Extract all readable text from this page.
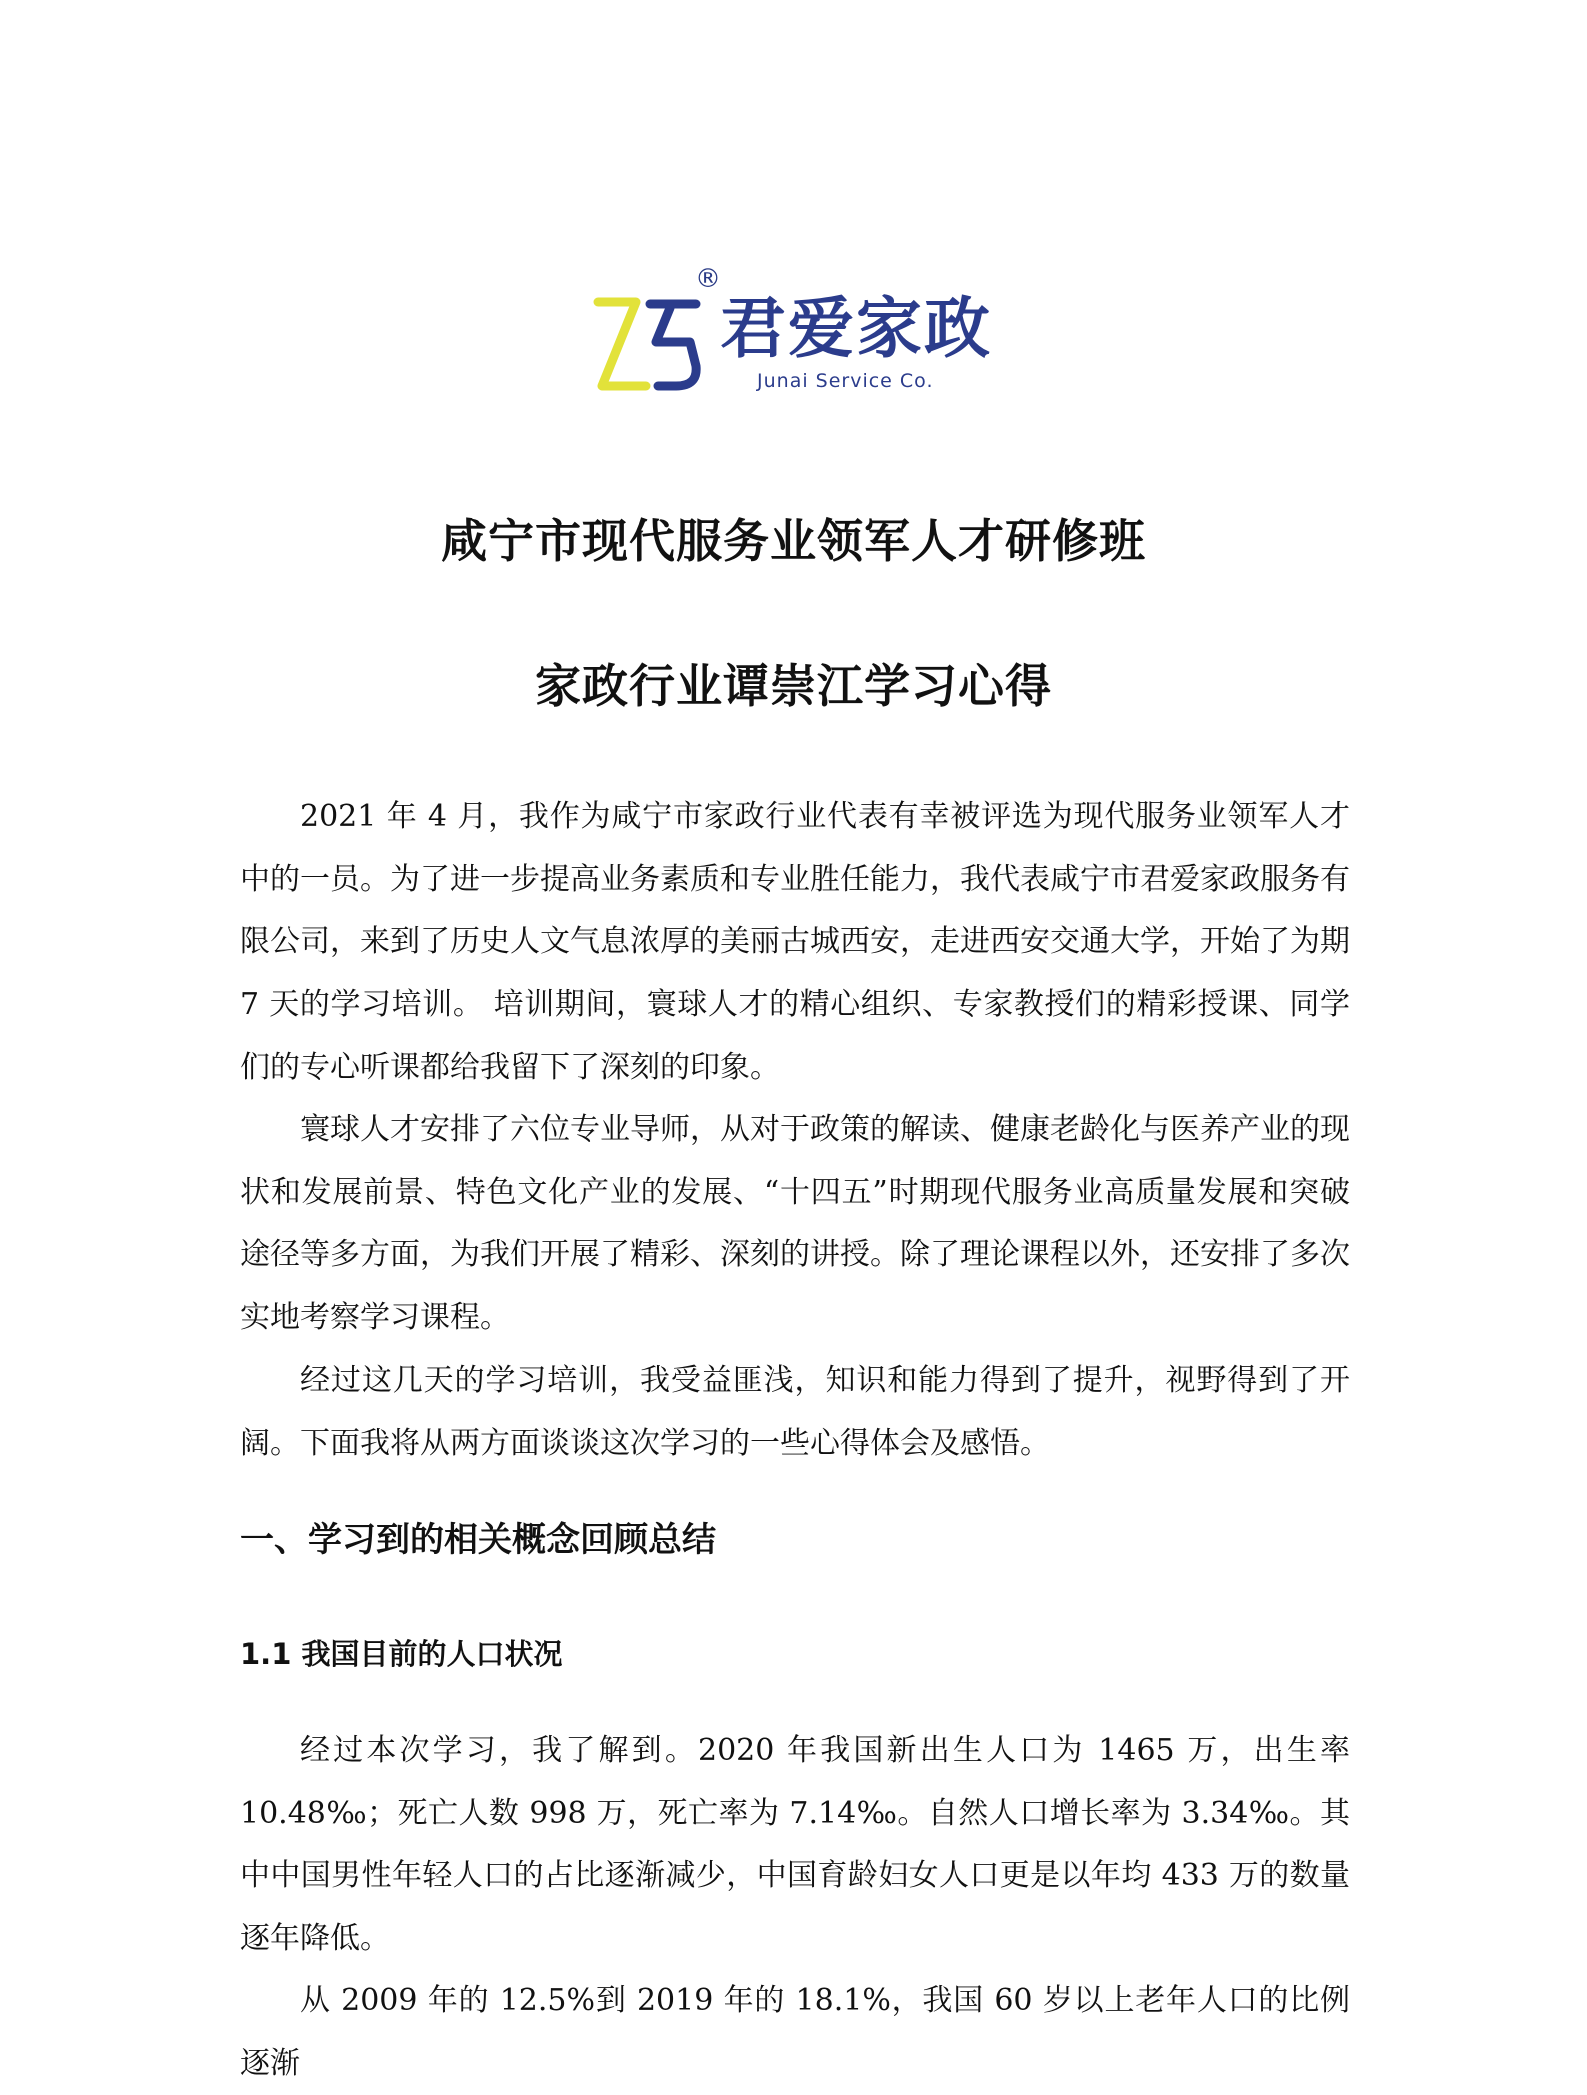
®
君爱家政
Junai Service Co.
咸宁市现代服务业领军人才研修班
家政行业谭崇江学习心得

2021 年 4 月，我作为咸宁市家政行业代表有幸被评选为现代服务业领军人才中的一员。为了进一步提高业务素质和专业胜任能力，我代表咸宁市君爱家政服务有限公司，来到了历史人文气息浓厚的美丽古城西安，走进西安交通大学，开始了为期 7 天的学习培训。 培训期间，寰球人才的精心组织、专家教授们的精彩授课、同学们的专心听课都给我留下了深刻的印象。

寰球人才安排了六位专业导师，从对于政策的解读、健康老龄化与医养产业的现状和发展前景、特色文化产业的发展、“十四五”时期现代服务业高质量发展和突破途径等多方面，为我们开展了精彩、深刻的讲授。除了理论课程以外，还安排了多次实地考察学习课程。

经过这几天的学习培训，我受益匪浅，知识和能力得到了提升，视野得到了开阔。下面我将从两方面谈谈这次学习的一些心得体会及感悟。

一、学习到的相关概念回顾总结
1.1 我国目前的人口状况

经过本次学习，我了解到。2020 年我国新出生人口为 1465 万，出生率 10.48‰；死亡人数 998 万，死亡率为 7.14‰。自然人口增长率为 3.34‰。其中中国男性年轻人口的占比逐渐减少，中国育龄妇女人口更是以年均 433 万的数量逐年降低。

从 2009 年的 12.5%到 2019 年的 18.1%，我国 60 岁以上老年人口的比例逐渐
